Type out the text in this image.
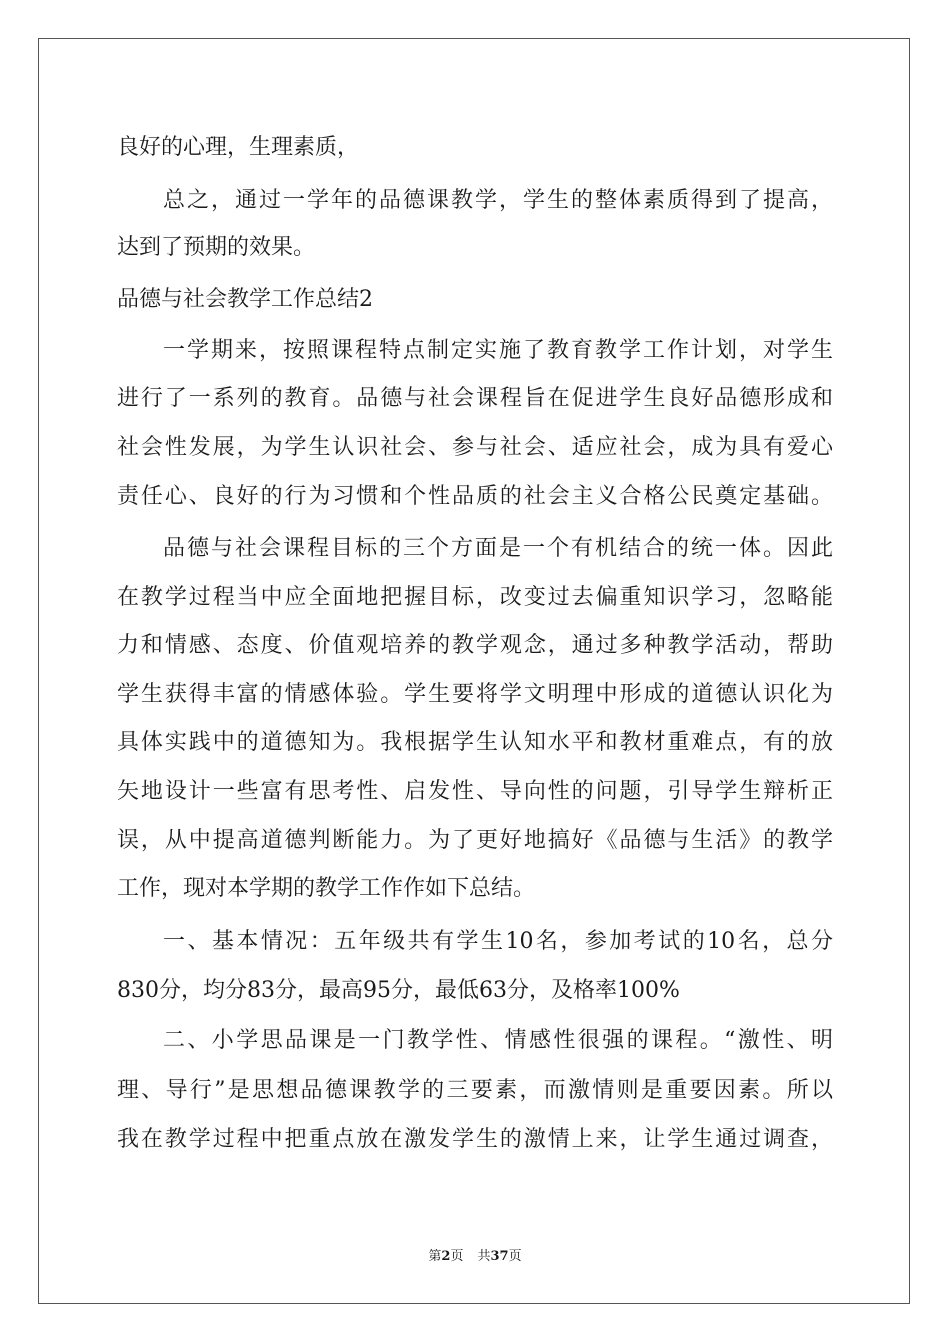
良好的心理，生理素质，

总之，通过一学年的品德课教学，学生的整体素质得到了提高，

达到了预期的效果。

品德与社会教学工作总结2

一学期来，按照课程特点制定实施了教育教学工作计划，对学生

进行了一系列的教育。品德与社会课程旨在促进学生良好品德形成和

社会性发展，为学生认识社会、参与社会、适应社会，成为具有爱心

责任心、良好的行为习惯和个性品质的社会主义合格公民奠定基础。

品德与社会课程目标的三个方面是一个有机结合的统一体。因此

在教学过程当中应全面地把握目标，改变过去偏重知识学习，忽略能

力和情感、态度、价值观培养的教学观念，通过多种教学活动，帮助

学生获得丰富的情感体验。学生要将学文明理中形成的道德认识化为

具体实践中的道德知为。我根据学生认知水平和教材重难点，有的放

矢地设计一些富有思考性、启发性、导向性的问题，引导学生辩析正

误，从中提高道德判断能力。为了更好地搞好《品德与生活》的教学

工作，现对本学期的教学工作作如下总结。

一、基本情况：五年级共有学生10名，参加考试的10名，总分

830分，均分83分，最高95分，最低63分，及格率100%

二、小学思品课是一门教学性、情感性很强的课程。“激性、明

理、导行”是思想品德课教学的三要素，而激情则是重要因素。所以

我在教学过程中把重点放在激发学生的激情上来，让学生通过调查，

第2页 共37页
